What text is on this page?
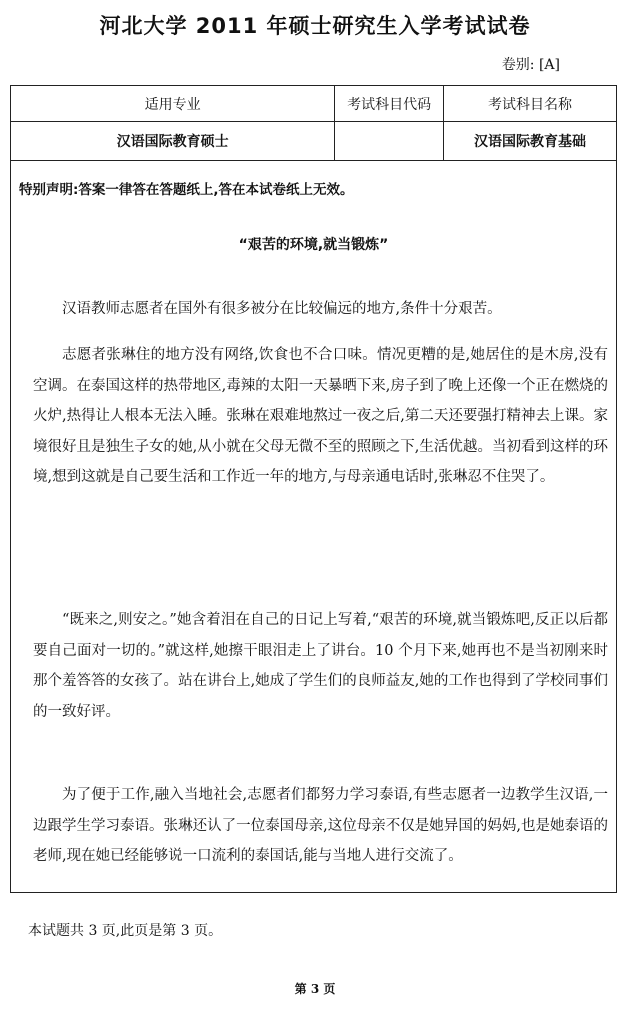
河北大学 2011 年硕士研究生入学考试试卷
卷别: [A]
适用专业	考试科目代码	考试科目名称
汉语国际教育硕士		汉语国际教育基础
特别声明:答案一律答在答题纸上,答在本试卷纸上无效。
“艰苦的环境,就当锻炼”

汉语教师志愿者在国外有很多被分在比较偏远的地方,条件十分艰苦。

志愿者张琳住的地方没有网络,饮食也不合口味。情况更糟的是,她居住的是木房,没有空调。在泰国这样的热带地区,毒辣的太阳一天暴晒下来,房子到了晚上还像一个正在燃烧的火炉,热得让人根本无法入睡。张琳在艰难地熬过一夜之后,第二天还要强打精神去上课。家境很好且是独生子女的她,从小就在父母无微不至的照顾之下,生活优越。当初看到这样的环境,想到这就是自己要生活和工作近一年的地方,与母亲通电话时,张琳忍不住哭了。

“既来之,则安之。”她含着泪在自己的日记上写着,“艰苦的环境,就当锻炼吧,反正以后都要自己面对一切的。”就这样,她擦干眼泪走上了讲台。10 个月下来,她再也不是当初刚来时那个羞答答的女孩了。站在讲台上,她成了学生们的良师益友,她的工作也得到了学校同事们的一致好评。

为了便于工作,融入当地社会,志愿者们都努力学习泰语,有些志愿者一边教学生汉语,一边跟学生学习泰语。张琳还认了一位泰国母亲,这位母亲不仅是她异国的妈妈,也是她泰语的老师,现在她已经能够说一口流利的泰国话,能与当地人进行交流了。

本试题共 3 页,此页是第 3 页。
第 3 页
